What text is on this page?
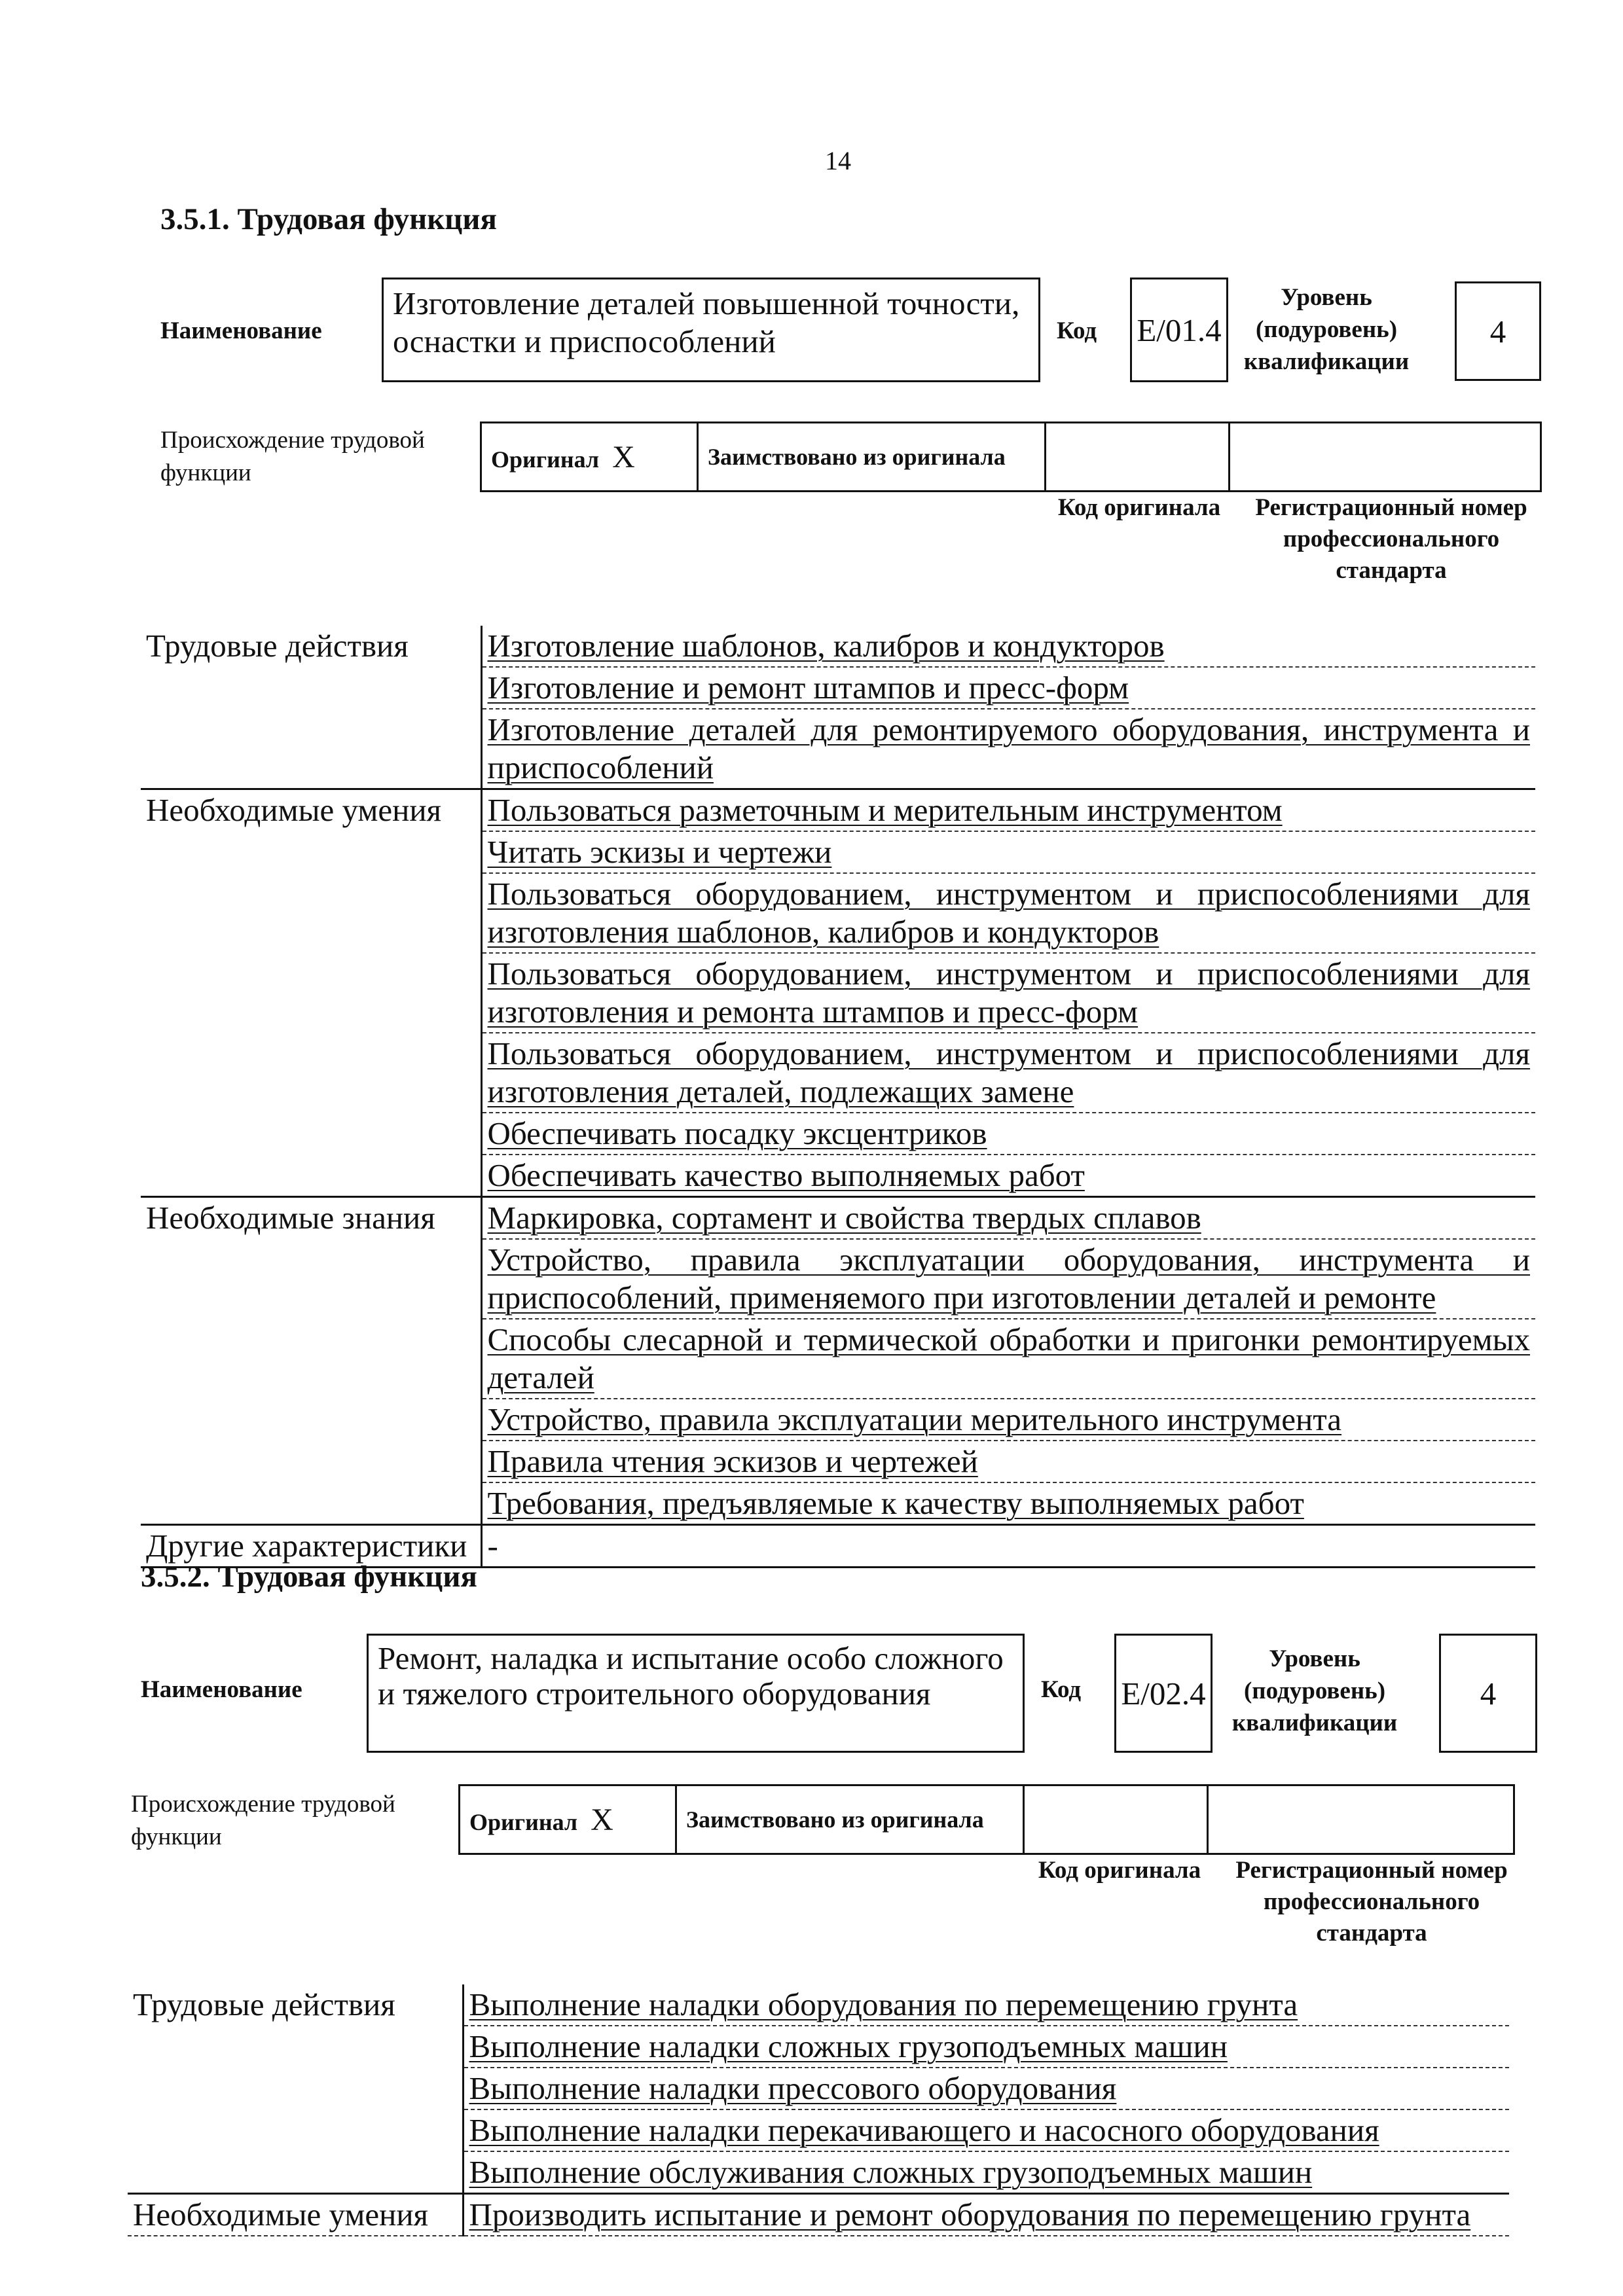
14
3.5.1. Трудовая функция
Наименование
Изготовление деталей повышенной точности, оснастки и приспособлений	Код E/01.4
Уровень (подуровень) квалификации
4
Происхождение трудовой функции
Оригинал X	Заимствовано из оригинала		
Код оригинала	Регистрационный номер профессионального стандарта
Трудовые действия	Изготовление шаблонов, калибров и кондукторов
	Изготовление и ремонт штампов и пресс-форм
	Изготовление деталей для ремонтируемого оборудования, инструмента и приспособлений
Необходимые умения	Пользоваться разметочным и мерительным инструментом
	Читать эскизы и чертежи
	Пользоваться оборудованием, инструментом и приспособлениями для изготовления шаблонов, калибров и кондукторов
	Пользоваться оборудованием, инструментом и приспособлениями для изготовления и ремонта штампов и пресс-форм
	Пользоваться оборудованием, инструментом и приспособлениями для изготовления деталей, подлежащих замене
	Обеспечивать посадку эксцентриков
	Обеспечивать качество выполняемых работ
Необходимые знания	Маркировка, сортамент и свойства твердых сплавов
	Устройство, правила эксплуатации оборудования, инструмента и приспособлений, применяемого при изготовлении деталей и ремонте
	Способы слесарной и термической обработки и пригонки ремонтируемых деталей
	Устройство, правила эксплуатации мерительного инструмента
	Правила чтения эскизов и чертежей
	Требования, предъявляемые к качеству выполняемых работ
Другие характеристики	-
3.5.2. Трудовая функция
Наименование
Ремонт, наладка и испытание особо сложного и тяжелого строительного оборудования	Код E/02.4
Уровень (подуровень) квалификации
4
Происхождение трудовой функции
Оригинал X	Заимствовано из оригинала		
Код оригинала	Регистрационный номер профессионального стандарта
Трудовые действия	Выполнение наладки оборудования по перемещению грунта
	Выполнение наладки сложных грузоподъемных машин
	Выполнение наладки прессового оборудования
	Выполнение наладки перекачивающего и насосного оборудования
	Выполнение обслуживания сложных грузоподъемных машин
Необходимые умения	Производить испытание и ремонт оборудования по перемещению грунта
